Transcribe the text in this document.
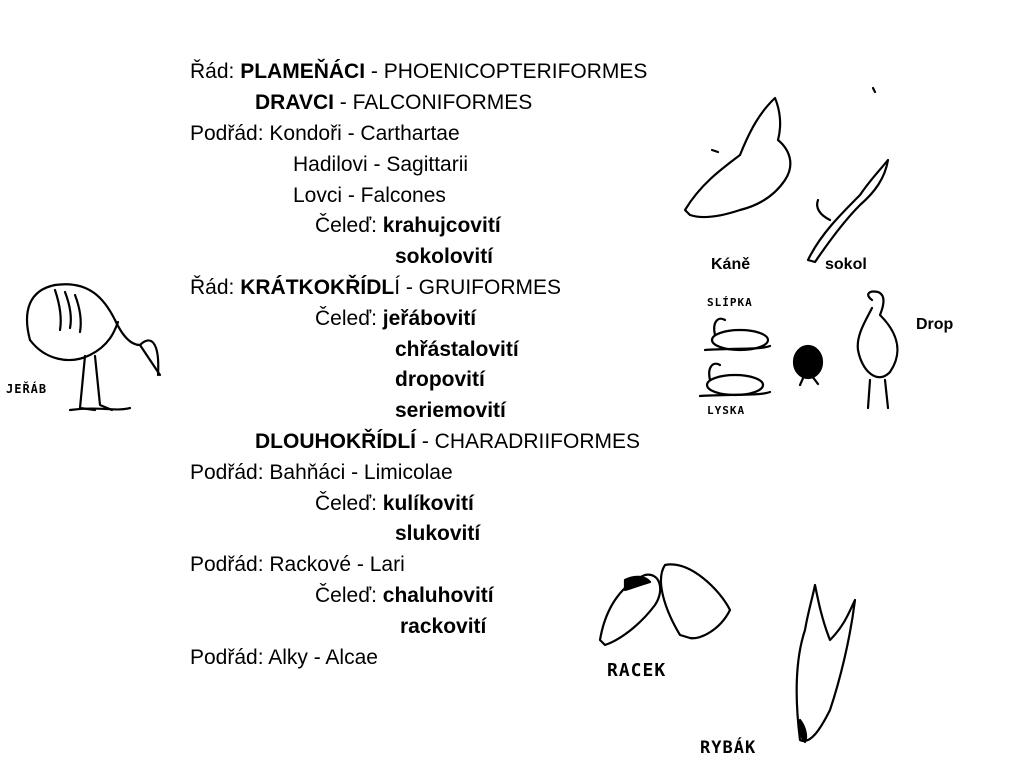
Řád: PLAMEŇÁCI - PHOENICOPTERIFORMES
DRAVCI - FALCONIFORMES
Podřád: Kondoři - Carthartae
Hadilovi - Sagittarii
Lovci - Falcones
Čeleď: krahujcovití
sokolovití
Řád: KRÁTKOKŘÍDLÍ - GRUIFORMES
Čeleď: jeřábovití
chřástalovití
dropovití
seriemovití
DLOUHOKŘÍDLÍ - CHARADRIIFORMES
Podřád: Bahňáci - Limicolae
Čeleď: kulíkovití
slukovití
Podřád: Rackové - Lari
Čeleď: chaluhovití
rackovití
Podřád: Alky - Alcae
Káně	sokol
Drop
SLÍPKA
LYSKA
JEŘÁB
RACEK
RYBÁK
